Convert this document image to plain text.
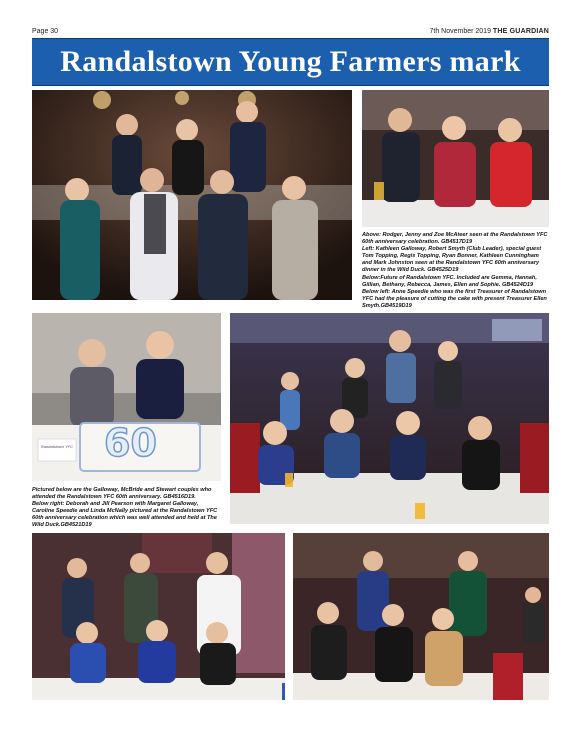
Page 30	7th November 2019 THE GUARDIAN
Randalstown Young Farmers mark

Above: Rodger, Jenny and Zoe McAteer seen at the Randalstown YFC 60th anniversary celebration. GB4517D19

Left: Kathleen Galloway, Robert Smyth (Club Leader), special guest Tom Topping, Regis Topping, Ryan Bonner, Kathleen Cunningham and Mark Johnston seen at the Randalstown YFC 60th anniversary dinner in the Wild Duck. GB4525D19

Below:Future of Randalstown YFC. Included are Gemma, Hannah, Gillian, Bethany, Rebecca, James, Ellen and Sophie. GB4524D19

Below left: Anne Speedie who was the first Treasurer of Randalstown YFC had the pleasure of cutting the cake with present Treasurer Ellen Smyth.GB4519D19

60
Randalstown YFC

Pictured below are the Galloway, McBride and Stewart couples who attended the Randalstown YFC 60th anniversary. GB4516D19.

Below right: Deborah and Jill Pearson with Margaret Galloway, Caroline Speedie and Linda McNally pictured at the Randalstown YFC 60th anniversary celebration which was well attended and held at The Wild Duck.GB4521D19
